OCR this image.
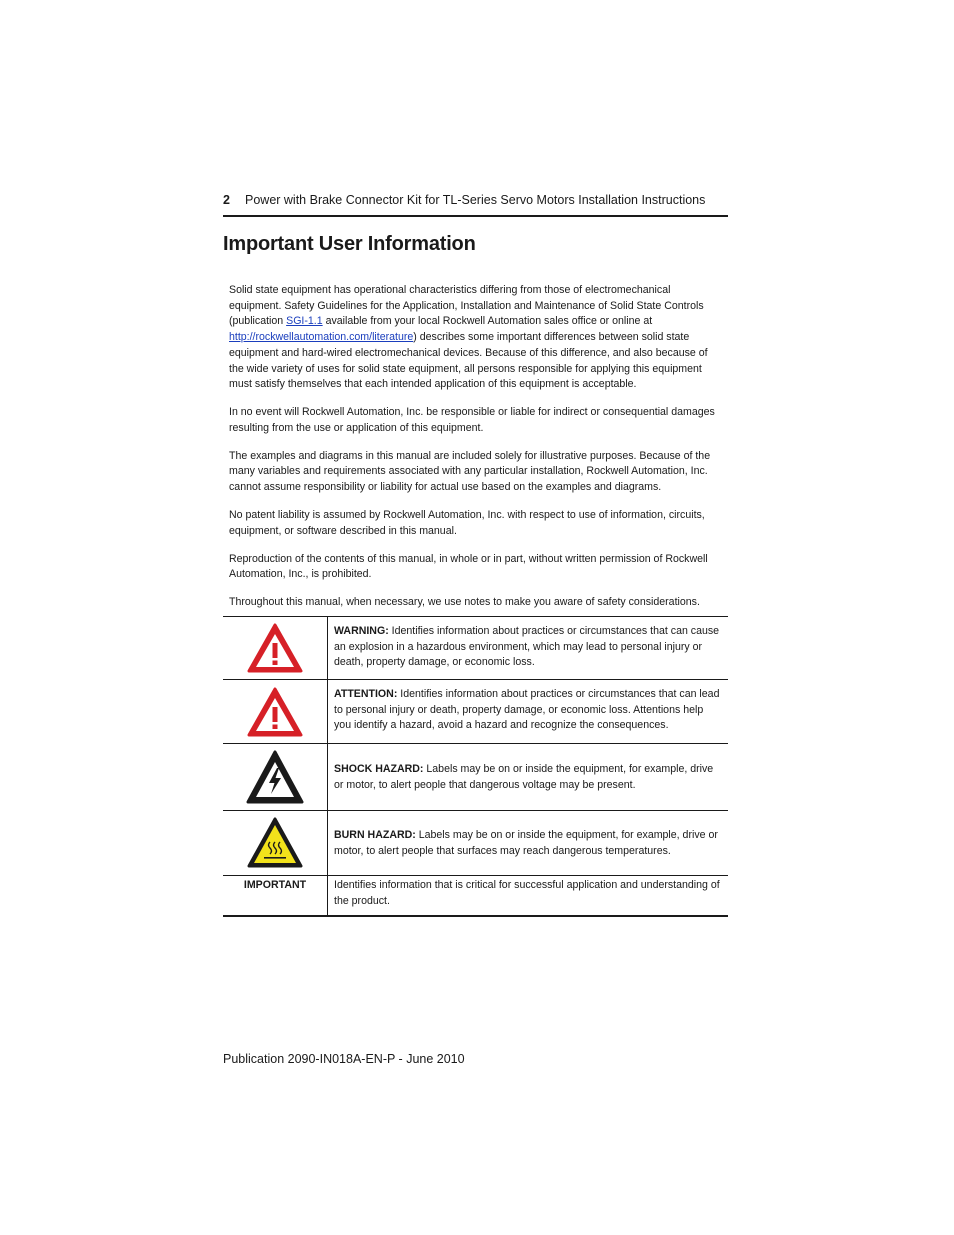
2 Power with Brake Connector Kit for TL-Series Servo Motors Installation Instructions
Important User Information

Solid state equipment has operational characteristics differing from those of electromechanical equipment. Safety Guidelines for the Application, Installation and Maintenance of Solid State Controls (publication SGI-1.1 available from your local Rockwell Automation sales office or online at http://rockwellautomation.com/literature) describes some important differences between solid state equipment and hard-wired electromechanical devices. Because of this difference, and also because of the wide variety of uses for solid state equipment, all persons responsible for applying this equipment must satisfy themselves that each intended application of this equipment is acceptable.

In no event will Rockwell Automation, Inc. be responsible or liable for indirect or consequential damages resulting from the use or application of this equipment.

The examples and diagrams in this manual are included solely for illustrative purposes. Because of the many variables and requirements associated with any particular installation, Rockwell Automation, Inc. cannot assume responsibility or liability for actual use based on the examples and diagrams.

No patent liability is assumed by Rockwell Automation, Inc. with respect to use of information, circuits, equipment, or software described in this manual.

Reproduction of the contents of this manual, in whole or in part, without written permission of Rockwell Automation, Inc., is prohibited.

Throughout this manual, when necessary, we use notes to make you aware of safety considerations.

	WARNING: Identifies information about practices or circumstances that can cause an explosion in a hazardous environment, which may lead to personal injury or death, property damage, or economic loss.

	ATTENTION: Identifies information about practices or circumstances that can lead to personal injury or death, property damage, or economic loss. Attentions help you identify a hazard, avoid a hazard and recognize the consequences.

	SHOCK HAZARD: Labels may be on or inside the equipment, for example, drive or motor, to alert people that dangerous voltage may be present.

	BURN HAZARD: Labels may be on or inside the equipment, for example, drive or motor, to alert people that surfaces may reach dangerous temperatures.
IMPORTANT	Identifies information that is critical for successful application and understanding of the product.
Publication 2090-IN018A-EN-P - June 2010
